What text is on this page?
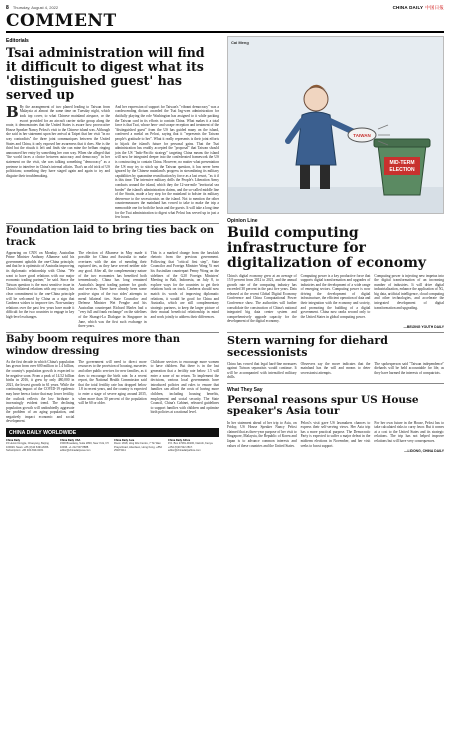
8 Thursday, August 4, 2022	CHINA DAILY 中国日报
COMMENT
Editorials
Tsai administration will find it difficult to digest what its 'distinguished guest' has served up
B By the arrangement of two planed leading to Taiwan from Malaysia at almost the same time on Tuesday night, which took top cover, to what Chinese mainland airspace, or the escort provided for an aircraft carrier strike group along the route, it demonstrates that the United States is aware how provocative House Speaker Nancy Pelosi's visit to the Chinese island was. Although she said in her statement upon her arrival at Taipei that her visit "in no way contradicts" the three joint communiques between the United States and China, it only exposed her awareness that it does. She is the third but the rituals it left and finds she can mine the bellum ringing announced her entry by something her own way. When she alleged that "the world faces a choice between autocracy and democracy" in her statement on the visit, she was talking something "democracy" as a pretense to interfere in China's internal affairs. That's an old trick of US politicians; something they have staged again and again to try and disguise their troublemaking.
And her expression of support for Taiwan's "vibrant democracy" was a condescending dictum awarded the Tsai Ing-wen administration for dutifully playing the role Washington has assigned to it while packing the Taiwan card in its efforts to contain China. What makes it a total farce is that Tsai, whose hero- and scrape reception and treatment of the "distinguished guest" from the US has guided many on the island, conferred a medal on Pelosi, saying that it "represents the Taiwan people's gratitude to her". What it really represents is their joint efforts to hijack the island's future for personal gains. That the Tsai administration has readily accepted the "proposal" that Taiwan should join the US "Indo-Pacific strategy" targeting China means the island will now be integrated deeper into the confederated framework the US is constructing to contain China. However, no matter what presentation the US may try to stitch up the Taiwan question, it has never been ignored by the Chinese mainland's progress in streamlining its military capabilities by quarantine reunification by force as a last resort, "as it if is this time. The intensive military drills the People's Liberation Army conducts around the island, which they the 12-sea-mile "territorial sea border" the island's administration claims, and the so-called middle line of the Straits, made a key step for the mainland to bolster its military deterrence to the secessionists on the island. Not to mention the other countermeasures the mainland has vowed to take to make the trip a memorable one for both the hosts and the guests. It will take a long time for the Tsai administration to digest what Pelosi has served up in just a few hours.
Foundation laid to bring ties back on track
Appearing on CNN on Monday, Australian Prime Minister Anthony Albanese said his government upholds the one-China principle, and that he is optimistic of Australia improving its diplomatic relationship with China. "We want to have good relations with our major economic trading partner," he said. Since the Taiwan question is the most sensitive issue in China's bilateral relations with any country, his clear commitment to the one-China principle will be welcomed by China as a sign that Canberra wishes to improve ties. Non-sanitary relations over the past few years have made it difficult for the two countries to engage in key high-level exchanges.
The election of Albanese in May made it possible for China and Australia to make overtures with the aim of mending their ruptured ties, as they have served neither side any good. After all, the complementary nature of the two economies has benefited both tremendously. China has long remained Australia's largest trading partner for goods and services. There have already been some positive signs of the two sides' attempts to mend bilateral ties. State Councilor and Defense Minister Wei Fenghe and his Australian counterpart Richard Marles had a "very full and frank exchange" on the sidelines of the Shangri-La Dialogue in Singapore in June, which was the first such exchange in three years.
This is a marked change from the hawkish rhetoric from the previous government. Following that "critical first step", State Councilor and Foreign Minister Wang Yi met his Australian counterpart Penny Wong on the sidelines of the G20 Foreign Ministers' Meeting in Bali, Indonesia, on July 8, to explore ways for the countries to get their relations back on track. Canberra should now match its words of improving diplomatic relations, it would be good for China and Australia, which are still complementary strategic partners, to keep the larger picture of their mutual beneficial relationship in mind and work jointly to address their differences.
Baby boom requires more than window dressing
As the first decade in which China's population has grown from over 600 million to 1.4 billion, the country's population growth is expected to be negative soon. From a peak of 14.52 billion births in 2016, it grew by only 480,000 in 2021, the lowest growth in 61 years. While the continuing impact of the COVID-19 epidemic may have been a factor that may lower fertility, the outlook reflects the low birthrate is increasingly evident trend. The declining population growth will undoubtedly aggravate the problem of an aging population, and negatively impact economic and social development.
The government will need to direct more resources to the provision of housing, nurseries and other public services for new families, as it does to encourage the birth rate. In a recent report, the National Health Commission said that the total fertility rate has dropped below 1.8 in recent years, and the country is expected to enter a stage of severe aging around 2035, when more than 30 percent of the population will be 60 or older.
Childcare services to encourage more women to have children. But there is in the last generation that a fertility rate below 1.5 will enter a zone of no return. To implement the decisions, various local governments have introduced policies and rules to ensure that families can afford the costs of having more children, including housing benefits, employment and social security. The State Council, China's Cabinet, released guidelines to support families with children and optimize birth policies at a national level.
CHINA DAILY WORLDWIDE
China Daily
15 Huixin Dongjie, Chaoyang, Beijing 100029. News: +86 (0)10 6491-8366. Subscription: +86 400-699-0203.
China Daily USA
1500 Broadway, Suite 2800, New York, NY 10036. +1 212 537 8888. editor@chinadailyusa.com
China Daily Asia
Room 1818, Hing Wai Centre, 7 Tin Wan Praya Road, Aberdeen, Hong Kong. +852 2518 5111
China Daily Africa
P.O. Box 27281-00100, Nairobi, Kenya. +254 (0)20 522 2817. editor@chinadailyafrica.com
Cai Meng
MID-TERM
ELECTION
TAIWAN
Opinion Line
Build computing infrastructure for digitalization of economy
China's digital economy grew at an average of 15.9 percent from 2012 to 2021, and the annual growth rate of the computing industry has exceeded 30 percent in the past five years. Data released at the recent Global Digital Economy Conference and China Computational Power Conference show. The authorities will further consolidate the construction of China's national integrated big data center system and comprehensively upgrade capacity for the development of the digital economy.
Computing power is a key productive force that supports digital transformation and upgrades of industries and the development of a wide range of emerging sectors. Computing power is now driving the development of digital infrastructure, the efficient operation of data and their integration with the economy and society, and promoting the building of a digital government. China now ranks second only to the United States in global computing power.
Computing power is injecting new impetus into the digital transformation of an increasing number of industries. It will drive digital industrialization, enhance the application of 5G, big data, artificial intelligence, cloud computing and other technologies, and accelerate the integrated development of digital transformation and upgrading.
—BEIJING YOUTH DAILY
Stern warning for diehard secessionists
China has vowed that legal hard-line measures against Taiwan separatists would continue. It will be accompanied with intensified military drills.
Observers say the move indicates that the mainland has the will and means to deter secessionist attempts.
The spokesperson said "Taiwan independence" diehards will be held accountable for life, as they have harmed the interests of compatriots.
What They Say
Personal reasons spur US House speaker's Asia tour
In her statement ahead of her trip to Asia, on Friday, US House Speaker Nancy Pelosi claimed that as three-year purpose of her visit to Singapore, Malaysia, the Republic of Korea and Japan is to advance common interests and values of these countries and the United States.
Pelosi's visit gave US lawmakers chances to express their self-serving views. Her Asia trip has a more practical purpose. The Democratic Party is expected to suffer a major defeat in the midterm elections in November, and her visit seeks to boost support.
For her own future in the House, Pelosi has to take calculated risks to curry favor. But it comes at a cost to the United States and its strategic relations. The trip has not helped improve relations but will have very consequences.
—LIDONG, CHINA DAILY
